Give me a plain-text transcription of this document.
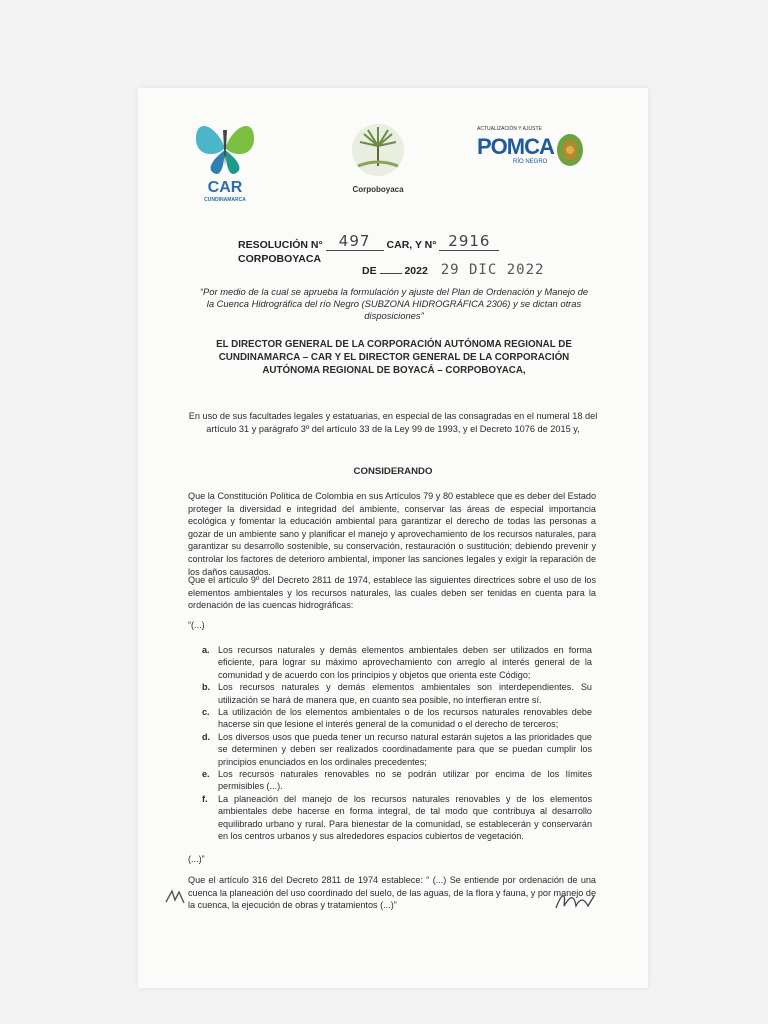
CAR
CUNDINAMARCA
Corpoboyaca
ACTUALIZACIÓN Y AJUSTE
POMCA
RÍO NEGRO
RESOLUCIÓN N° 497 CAR, Y N° 2916 CORPOBOYACA
DE	2022 29 DIC 2022
“Por medio de la cual se aprueba la formulación y ajuste del Plan de Ordenación y Manejo de la Cuenca Hidrográfica del río Negro (SUBZONA HIDROGRÁFICA 2306) y se dictan otras disposiciones”
EL DIRECTOR GENERAL DE LA CORPORACIÓN AUTÓNOMA REGIONAL DE CUNDINAMARCA – CAR Y EL DIRECTOR GENERAL DE LA CORPORACIÓN AUTÓNOMA REGIONAL DE BOYACÁ – CORPOBOYACA,
En uso de sus facultades legales y estatuarias, en especial de las consagradas en el numeral 18 del artículo 31 y parágrafo 3º del artículo 33 de la Ley 99 de 1993, y el Decreto 1076 de 2015 y,
CONSIDERANDO
Que la Constitución Política de Colombia en sus Artículos 79 y 80 establece que es deber del Estado proteger la diversidad e integridad del ambiente, conservar las áreas de especial importancia ecológica y fomentar la educación ambiental para garantizar el derecho de todas las personas a gozar de un ambiente sano y planificar el manejo y aprovechamiento de los recursos naturales, para garantizar su desarrollo sostenible, su conservación, restauración o sustitución; debiendo prevenir y controlar los factores de deterioro ambiental, imponer las sanciones legales y exigir la reparación de los daños causados.
Que el artículo 9º del Decreto 2811 de 1974, establece las siguientes directrices sobre el uso de los elementos ambientales y los recursos naturales, las cuales deben ser tenidas en cuenta para la ordenación de las cuencas hidrográficas:
“(...)
a. Los recursos naturales y demás elementos ambientales deben ser utilizados en forma eficiente, para lograr su máximo aprovechamiento con arreglo al interés general de la comunidad y de acuerdo con los principios y objetos que orienta este Código;
b. Los recursos naturales y demás elementos ambientales son interdependientes. Su utilización se hará de manera que, en cuanto sea posible, no interfieran entre sí.
c. La utilización de los elementos ambientales o de los recursos naturales renovables debe hacerse sin que lesione el interés general de la comunidad o el derecho de terceros;
d. Los diversos usos que pueda tener un recurso natural estarán sujetos a las prioridades que se determinen y deben ser realizados coordinadamente para que se puedan cumplir los principios enunciados en los ordinales precedentes;
e. Los recursos naturales renovables no se podrán utilizar por encima de los límites permisibles (...).
f. La planeación del manejo de los recursos naturales renovables y de los elementos ambientales debe hacerse en forma integral, de tal modo que contribuya al desarrollo equilibrado urbano y rural. Para bienestar de la comunidad, se establecerán y conservarán en los centros urbanos y sus alrededores espacios cubiertos de vegetación.
(...)”
Que el artículo 316 del Decreto 2811 de 1974 establece: “ (...) Se entiende por ordenación de una cuenca la planeación del uso coordinado del suelo, de las aguas, de la flora y fauna, y por manejo de la cuenca, la ejecución de obras y tratamientos (...)”
